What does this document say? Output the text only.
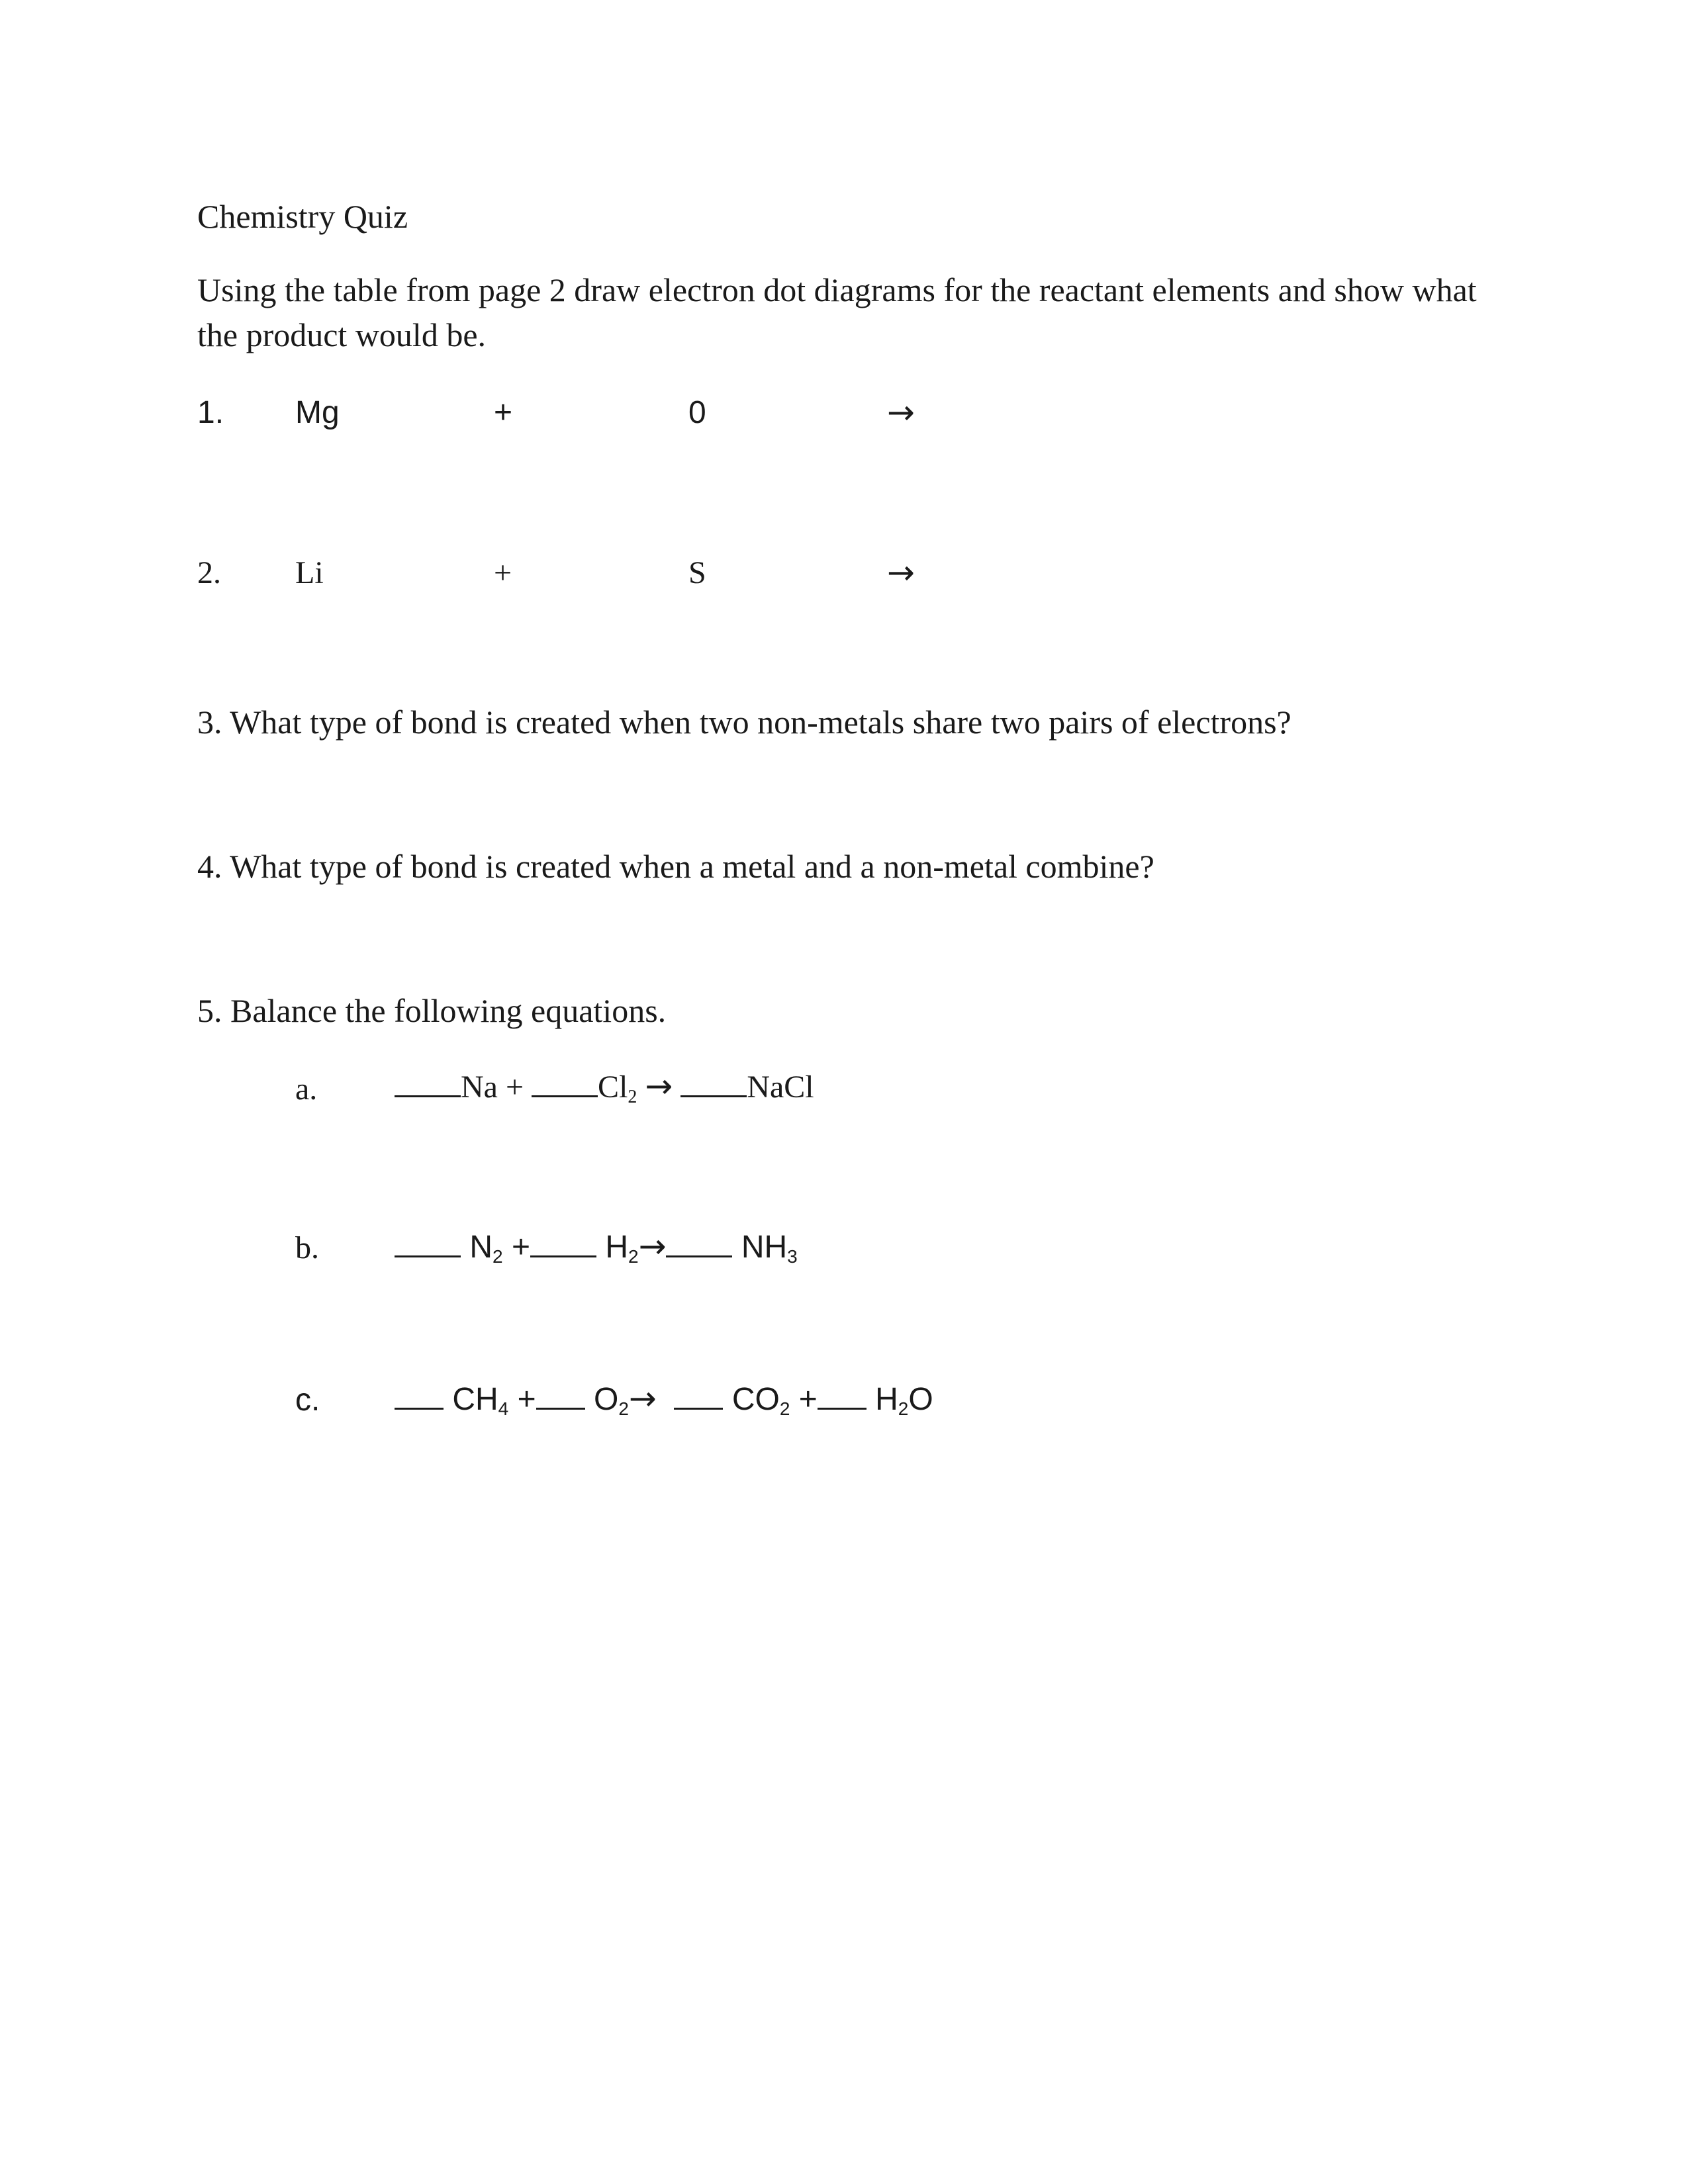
Chemistry Quiz
Using the table from page 2 draw electron dot diagrams for the reactant elements and show what the product would be.
1. Mg	+	0	→
2. Li	+	S	→
3. What type of bond is created when two non-metals share two pairs of electrons?
4. What type of bond is created when a metal and a non-metal combine?
5. Balance the following equations.
a.	$Na + Cl_2$ → NaCl
b.	$N_2 + H_2\to NH_3$
c.	$CH_4 + O_2\to CO_2 + H_2O$
